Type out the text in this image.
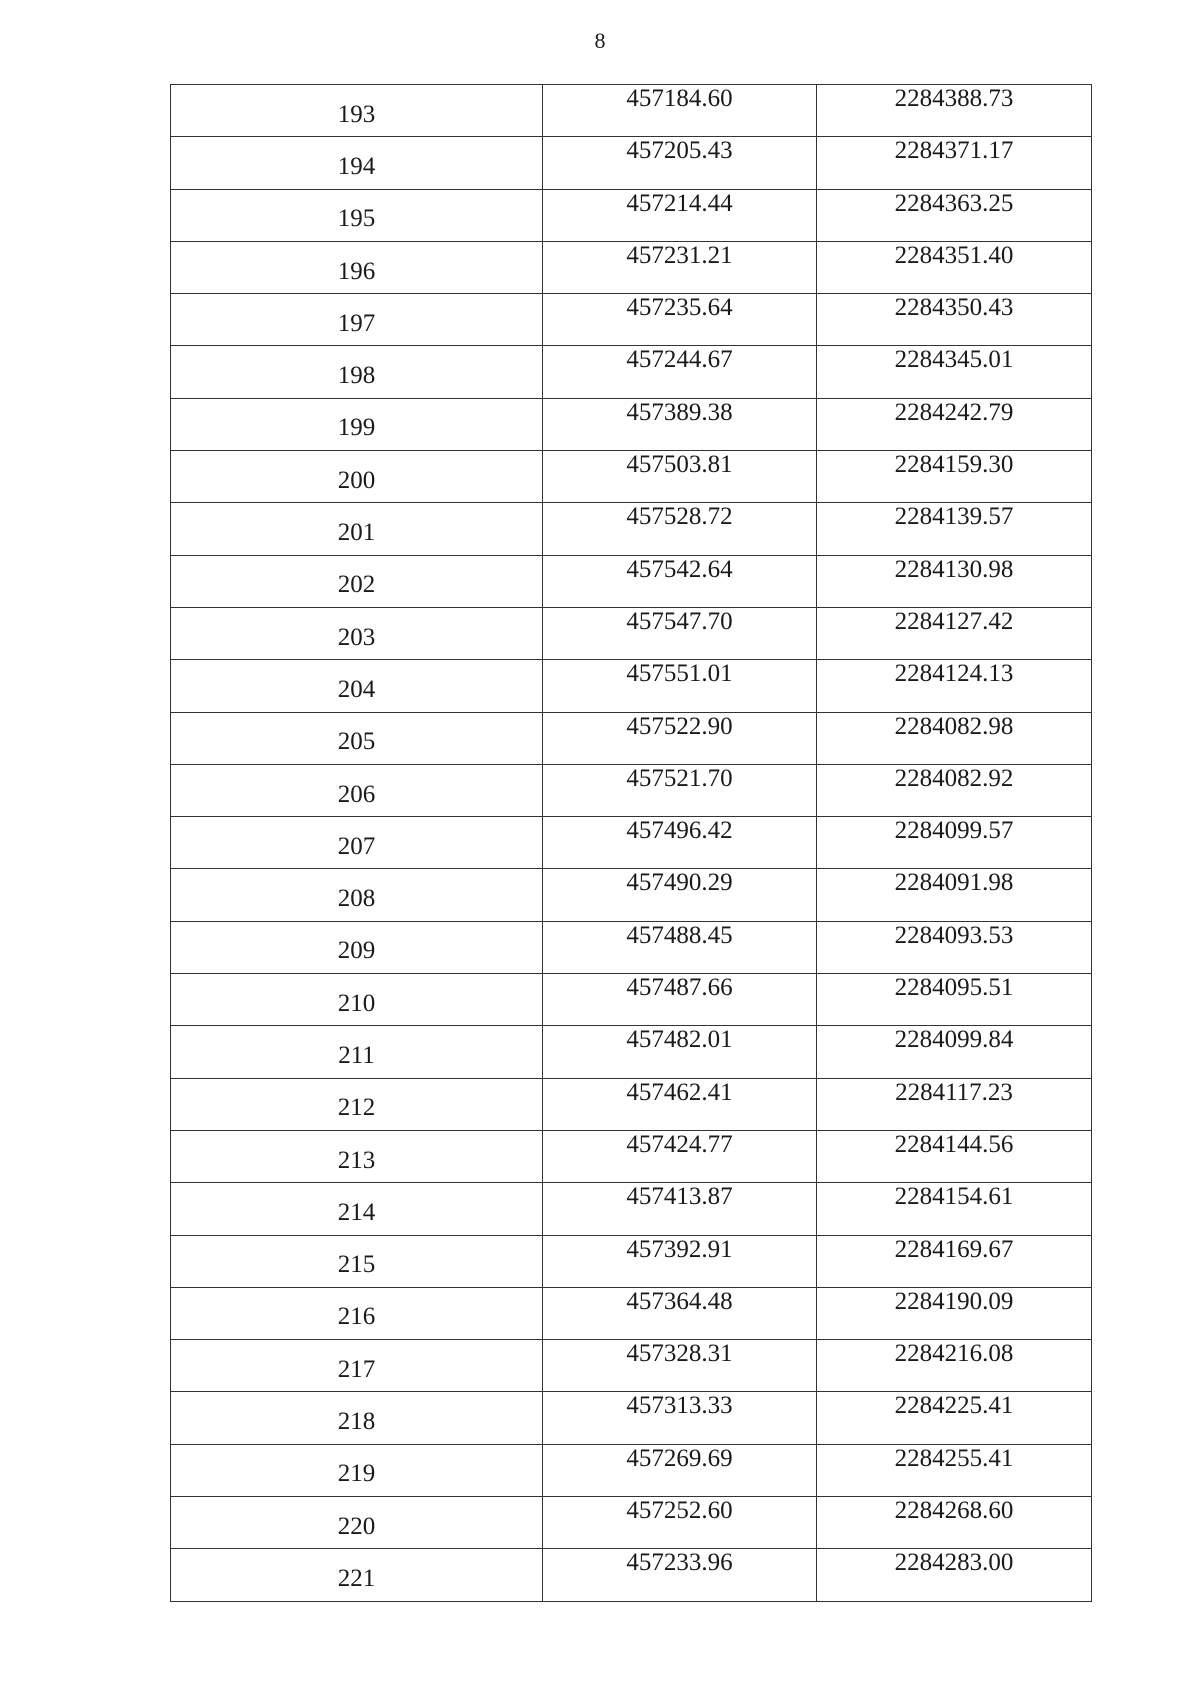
8
193	457184.60	2284388.73
194	457205.43	2284371.17
195	457214.44	2284363.25
196	457231.21	2284351.40
197	457235.64	2284350.43
198	457244.67	2284345.01
199	457389.38	2284242.79
200	457503.81	2284159.30
201	457528.72	2284139.57
202	457542.64	2284130.98
203	457547.70	2284127.42
204	457551.01	2284124.13
205	457522.90	2284082.98
206	457521.70	2284082.92
207	457496.42	2284099.57
208	457490.29	2284091.98
209	457488.45	2284093.53
210	457487.66	2284095.51
211	457482.01	2284099.84
212	457462.41	2284117.23
213	457424.77	2284144.56
214	457413.87	2284154.61
215	457392.91	2284169.67
216	457364.48	2284190.09
217	457328.31	2284216.08
218	457313.33	2284225.41
219	457269.69	2284255.41
220	457252.60	2284268.60
221	457233.96	2284283.00
